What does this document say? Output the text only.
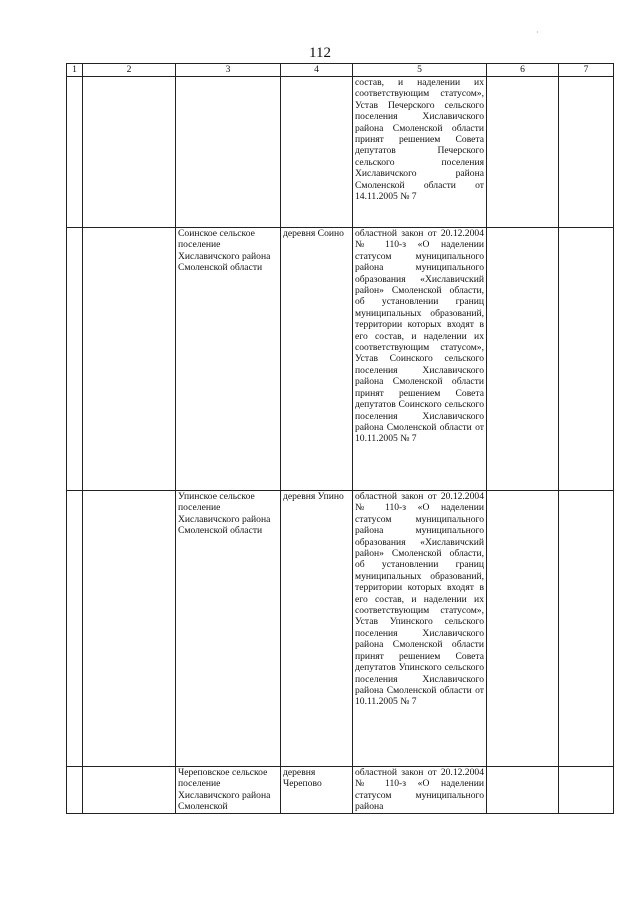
112
·
1	2	3	4	5	6	7
				состав, и наделении их соответствующим статусом», Устав Печерского сельского поселения Хиславичского района Смоленской области принят решением Совета депутатов Печерского сельского поселения Хиславичского района Смоленской области от 14.11.2005 № 7		
		Соинское сельское поселение Хиславичского района Смоленской области	деревня Соино	областной закон от 20.12.2004 № 110-з «О наделении статусом муниципального района муниципального образования «Хиславичский район» Смоленской области, об установлении границ муниципальных образований, территории которых входят в его состав, и наделении их соответствующим статусом», Устав Соинского сельского поселения Хиславичского района Смоленской области принят решением Совета депутатов Соинского сельского поселения Хиславичского района Смоленской области от 10.11.2005 № 7		
		Упинское сельское поселение Хиславичского района Смоленской области	деревня Упино	областной закон от 20.12.2004 № 110-з «О наделении статусом муниципального района муниципального образования «Хиславичский район» Смоленской области, об установлении границ муниципальных образований, территории которых входят в его состав, и наделении их соответствующим статусом», Устав Упинского сельского поселения Хиславичского района Смоленской области принят решением Совета депутатов Упинского сельского поселения Хиславичского района Смоленской области от 10.11.2005 № 7		
		Череповское сельское поселение Хиславичского района Смоленской	деревня Черепово	областной закон от 20.12.2004 № 110-з «О наделении статусом муниципального района		
